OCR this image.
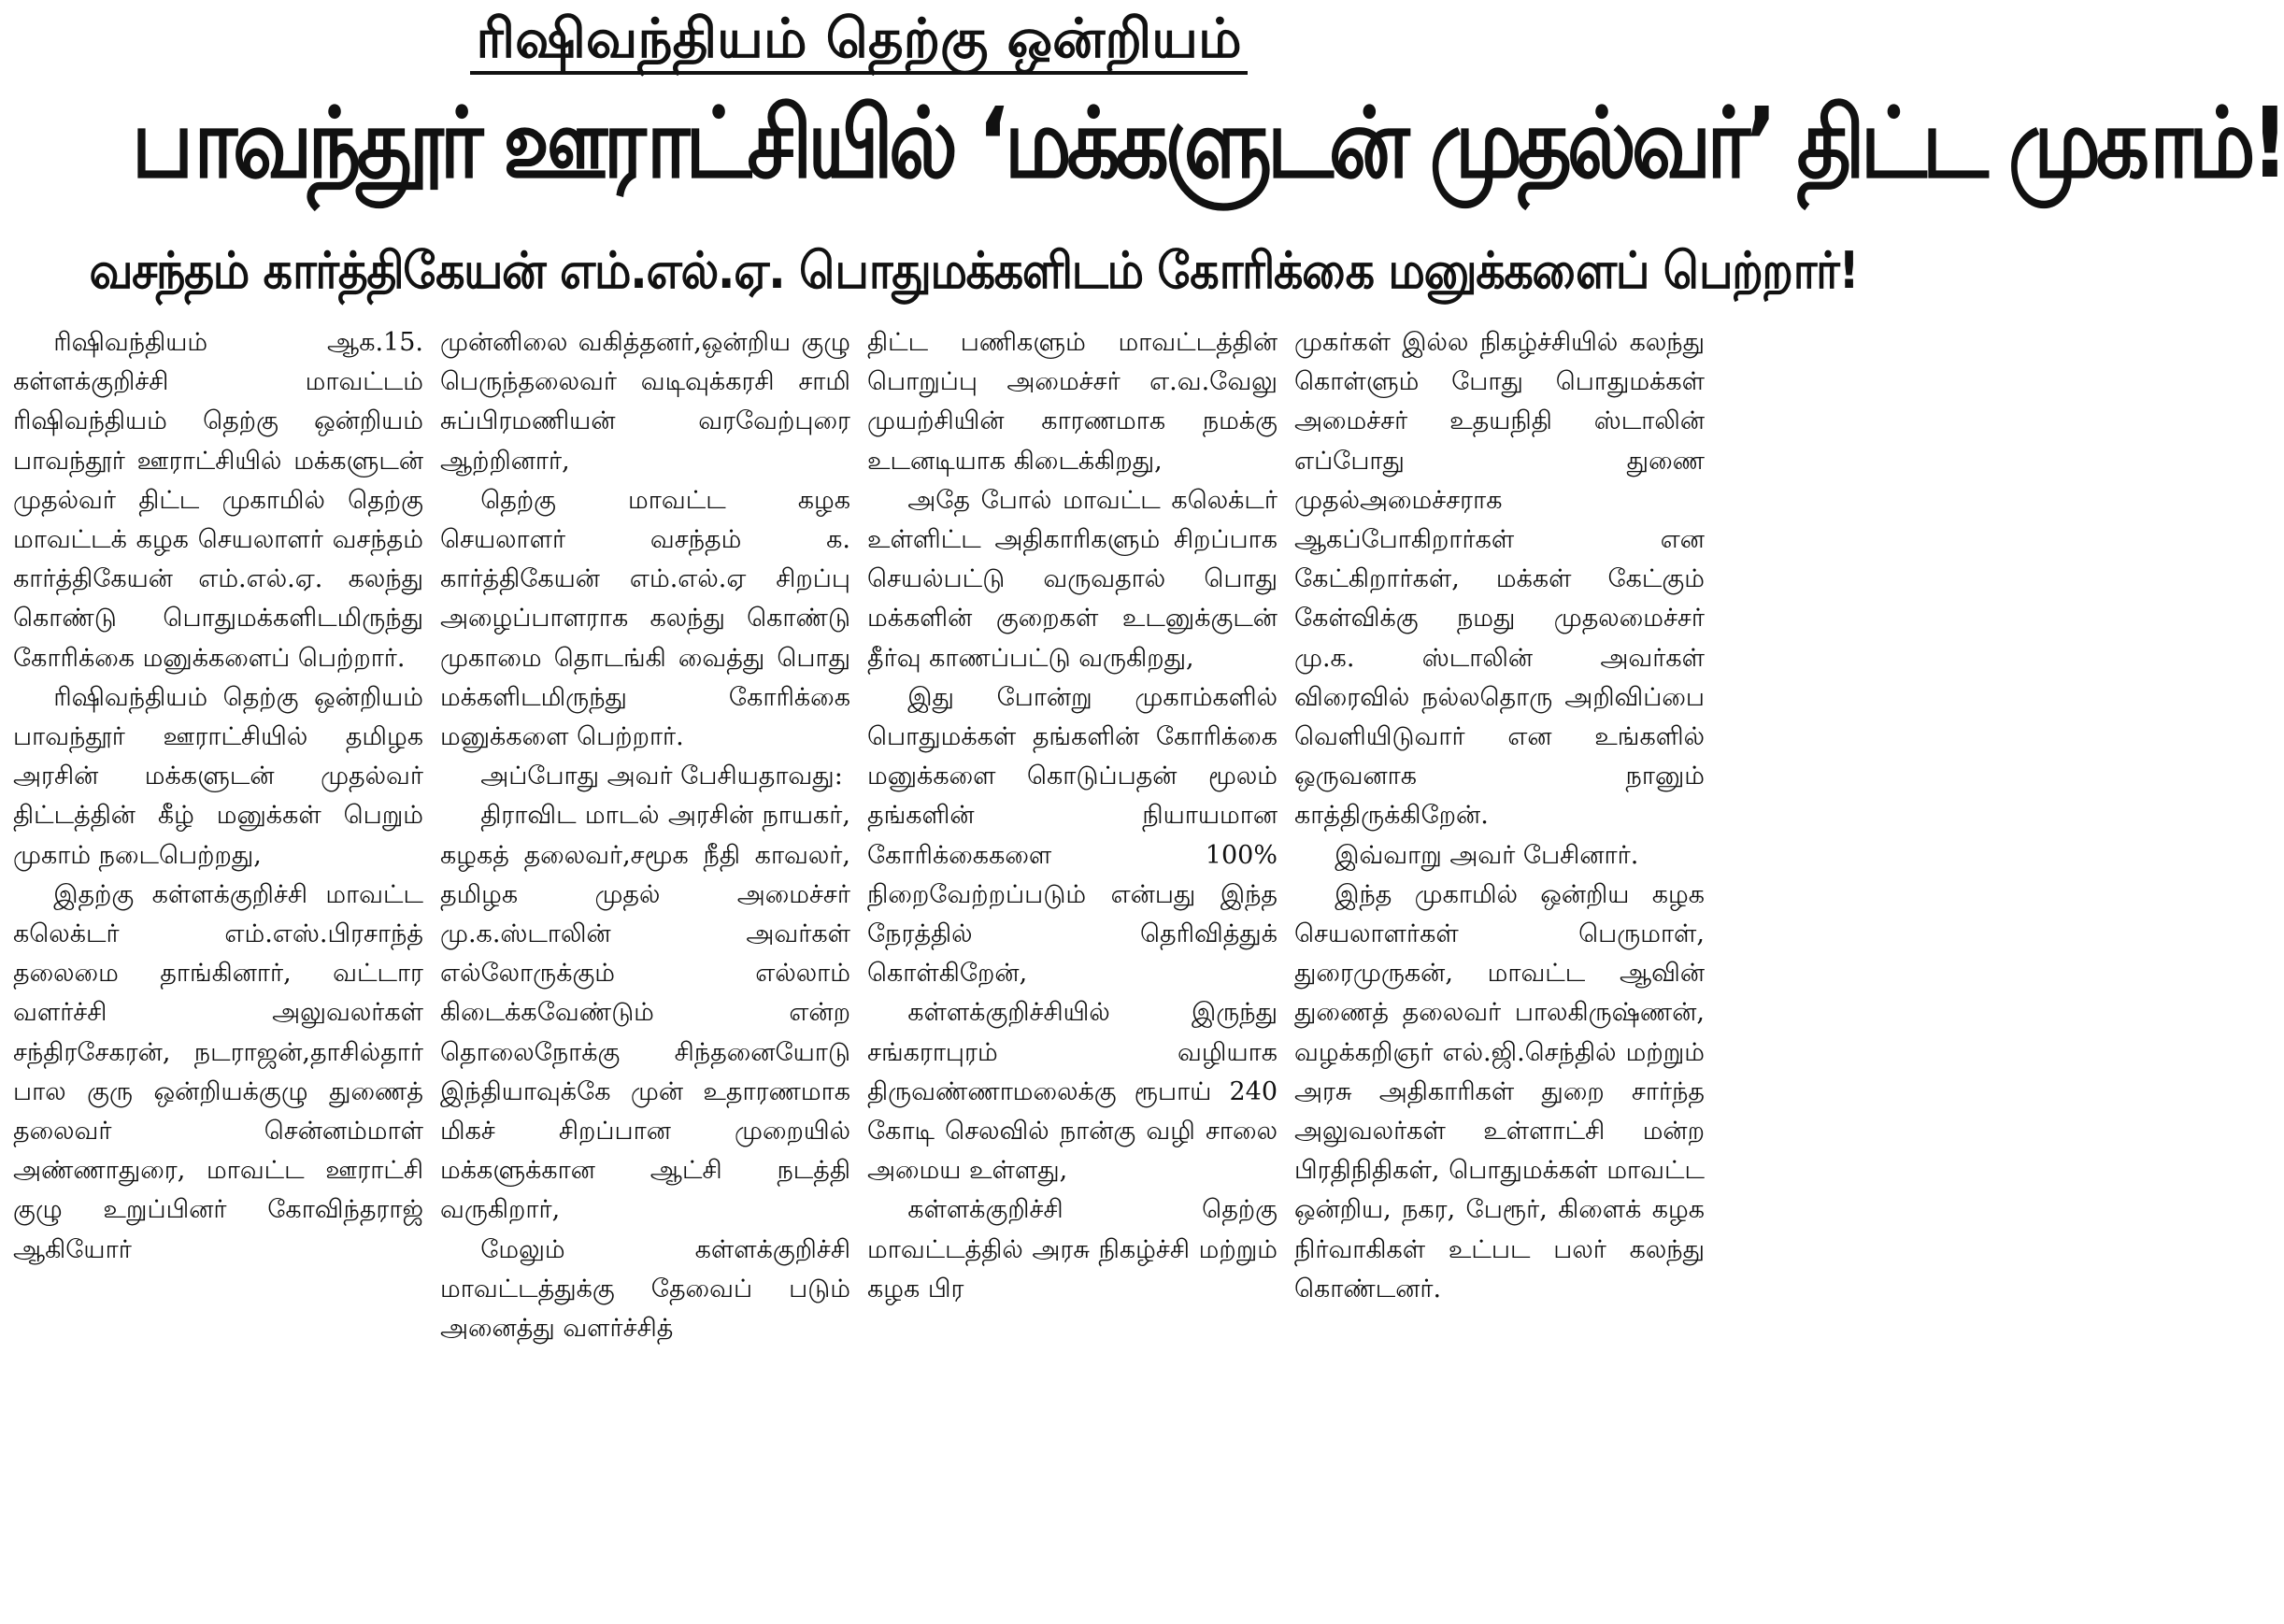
ரிஷிவந்தியம் தெற்கு ஒன்றியம்
பாவந்தூர் ஊராட்சியில் ‘மக்களுடன் முதல்வர்’ திட்ட முகாம்!
வசந்தம் கார்த்திகேயன் எம்.எல்.ஏ. பொதுமக்களிடம் கோரிக்கை மனுக்களைப் பெற்றார்!

ரிஷிவந்தியம் ஆக.15. கள்ளக்குறிச்சி மாவட்டம் ரிஷிவந்தியம் தெற்கு ஒன்றியம் பாவந்தூர் ஊராட்சியில் மக்களுடன் முதல்வர் திட்ட முகாமில் தெற்கு மாவட்டக் கழக செயலாளர் வசந்தம் கார்த்திகேயன் எம்.எல்.ஏ. கலந்து கொண்டு பொதுமக்களிடமிருந்து கோரிக்கை மனுக்களைப் பெற்றார்.

ரிஷிவந்தியம் தெற்கு ஒன்றியம் பாவந்தூர் ஊராட்சியில் தமிழக அரசின் மக்களுடன் முதல்வர் திட்டத்தின் கீழ் மனுக்கள் பெறும் முகாம் நடைபெற்றது,

இதற்கு கள்ளக்குறிச்சி மாவட்ட கலெக்டர் எம்.எஸ்.பிரசாந்த் தலைமை தாங்கினார், வட்டார வளர்ச்சி அலுவலர்கள் சந்திரசேகரன், நடராஜன்,தாசில்தார் பால குரு ஒன்றியக்குழு துணைத் தலைவர் சென்னம்மாள் அண்ணாதுரை, மாவட்ட ஊராட்சி குழு உறுப்பினர் கோவிந்தராஜ் ஆகியோர்

முன்னிலை வகித்தனர்,ஒன்றிய குழு பெருந்தலைவர் வடிவுக்கரசி சாமி சுப்பிரமணியன் வரவேற்புரை ஆற்றினார்,

தெற்கு மாவட்ட கழக செயலாளர் வசந்தம் க. கார்த்திகேயன் எம்.எல்.ஏ சிறப்பு அழைப்பாளராக கலந்து கொண்டு முகாமை தொடங்கி வைத்து பொது மக்களிடமிருந்து கோரிக்கை மனுக்களை பெற்றார்.

அப்போது அவர் பேசியதாவது:

திராவிட மாடல் அரசின் நாயகர், கழகத் தலைவர்,சமூக நீதி காவலர், தமிழக முதல் அமைச்சர் மு.க.ஸ்டாலின் அவர்கள் எல்லோருக்கும் எல்லாம் கிடைக்கவேண்டும் என்ற தொலைநோக்கு சிந்தனையோடு இந்தியாவுக்கே முன் உதாரணமாக மிகச் சிறப்பான முறையில் மக்களுக்கான ஆட்சி நடத்தி வருகிறார்,

மேலும் கள்ளக்குறிச்சி மாவட்டத்துக்கு தேவைப் படும் அனைத்து வளர்ச்சித்

திட்ட பணிகளும் மாவட்டத்தின் பொறுப்பு அமைச்சர் எ.வ.வேலு முயற்சியின் காரணமாக நமக்கு உடனடியாக கிடைக்கிறது,

அதே போல் மாவட்ட கலெக்டர் உள்ளிட்ட அதிகாரிகளும் சிறப்பாக செயல்பட்டு வருவதால் பொது மக்களின் குறைகள் உடனுக்குடன் தீர்வு காணப்பட்டு வருகிறது,

இது போன்று முகாம்களில் பொதுமக்கள் தங்களின் கோரிக்கை மனுக்களை கொடுப்பதன் மூலம் தங்களின் நியாயமான கோரிக்கைகளை 100% நிறைவேற்றப்படும் என்பது இந்த நேரத்தில் தெரிவித்துக் கொள்கிறேன்,

கள்ளக்குறிச்சியில் இருந்து சங்கராபுரம் வழியாக திருவண்ணாமலைக்கு ரூபாய் 240 கோடி செலவில் நான்கு வழி சாலை அமைய உள்ளது,

கள்ளக்குறிச்சி தெற்கு மாவட்டத்தில் அரசு நிகழ்ச்சி மற்றும் கழக பிர

முகர்கள் இல்ல நிகழ்ச்சியில் கலந்து கொள்ளும் போது பொதுமக்கள் அமைச்சர் உதயநிதி ஸ்டாலின் எப்போது துணை முதல்அமைச்சராக ஆகப்போகிறார்கள் என கேட்கிறார்கள், மக்கள் கேட்கும் கேள்விக்கு நமது முதலமைச்சர் மு.க. ஸ்டாலின் அவர்கள் விரைவில் நல்லதொரு அறிவிப்பை வெளியிடுவார் என உங்களில் ஒருவனாக நானும் காத்திருக்கிறேன்.

இவ்வாறு அவர் பேசினார்.

இந்த முகாமில் ஒன்றிய கழக செயலாளர்கள் பெருமாள், துரைமுருகன், மாவட்ட ஆவின் துணைத் தலைவர் பாலகிருஷ்ணன், வழக்கறிஞர் எல்.ஜி.செந்தில் மற்றும் அரசு அதிகாரிகள் துறை சார்ந்த அலுவலர்கள் உள்ளாட்சி மன்ற பிரதிநிதிகள், பொதுமக்கள் மாவட்ட ஒன்றிய, நகர, பேரூர், கிளைக் கழக நிர்வாகிகள் உட்பட பலர் கலந்து கொண்டனர்.
